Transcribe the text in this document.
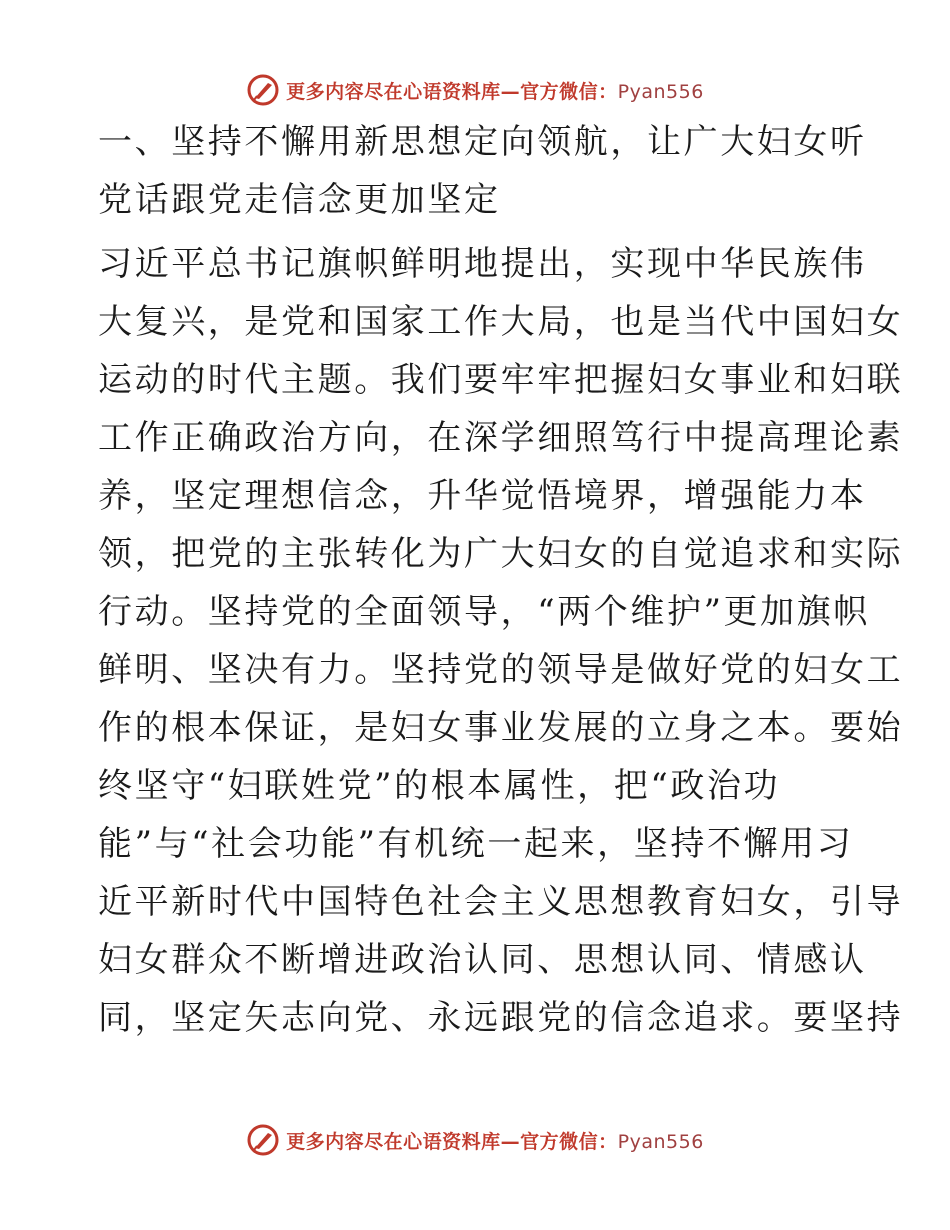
更多内容尽在心语资料库—官方微信：Pyan556
一、坚持不懈用新思想定向领航，让广大妇女听
党话跟党走信念更加坚定
习近平总书记旗帜鲜明地提出，实现中华民族伟
大复兴，是党和国家工作大局，也是当代中国妇女
运动的时代主题。我们要牢牢把握妇女事业和妇联
工作正确政治方向，在深学细照笃行中提高理论素
养，坚定理想信念，升华觉悟境界，增强能力本
领，把党的主张转化为广大妇女的自觉追求和实际
行动。坚持党的全面领导，“两个维护”更加旗帜
鲜明、坚决有力。坚持党的领导是做好党的妇女工
作的根本保证，是妇女事业发展的立身之本。要始
终坚守“妇联姓党”的根本属性，把“政治功
能”与“社会功能”有机统一起来，坚持不懈用习
近平新时代中国特色社会主义思想教育妇女，引导
妇女群众不断增进政治认同、思想认同、情感认
同，坚定矢志向党、永远跟党的信念追求。要坚持
更多内容尽在心语资料库—官方微信：Pyan556
